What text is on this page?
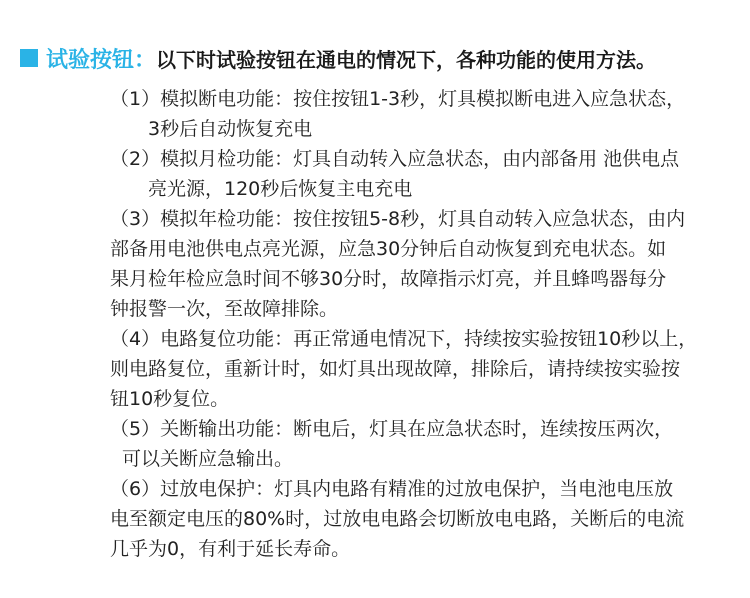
试验按钮： 以下时试验按钮在通电的情况下，各种功能的使用方法。
（1）模拟断电功能：按住按钮1-3秒，灯具模拟断电进入应急状态，
3秒后自动恢复充电
（2）模拟月检功能：灯具自动转入应急状态，由内部备用 池供电点
亮光源，120秒后恢复主电充电
（3）模拟年检功能：按住按钮5-8秒，灯具自动转入应急状态，由内
部备用电池供电点亮光源，应急30分钟后自动恢复到充电状态。如
果月检年检应急时间不够30分时，故障指示灯亮，并且蜂鸣器每分
钟报警一次，至故障排除。
（4）电路复位功能：再正常通电情况下，持续按实验按钮10秒以上，
则电路复位，重新计时，如灯具出现故障，排除后，请持续按实验按
钮10秒复位。
（5）关断输出功能：断电后，灯具在应急状态时，连续按压两次，
可以关断应急输出。
（6）过放电保护：灯具内电路有精准的过放电保护，当电池电压放
电至额定电压的80%时，过放电电路会切断放电电路，关断后的电流
几乎为0，有利于延长寿命。
